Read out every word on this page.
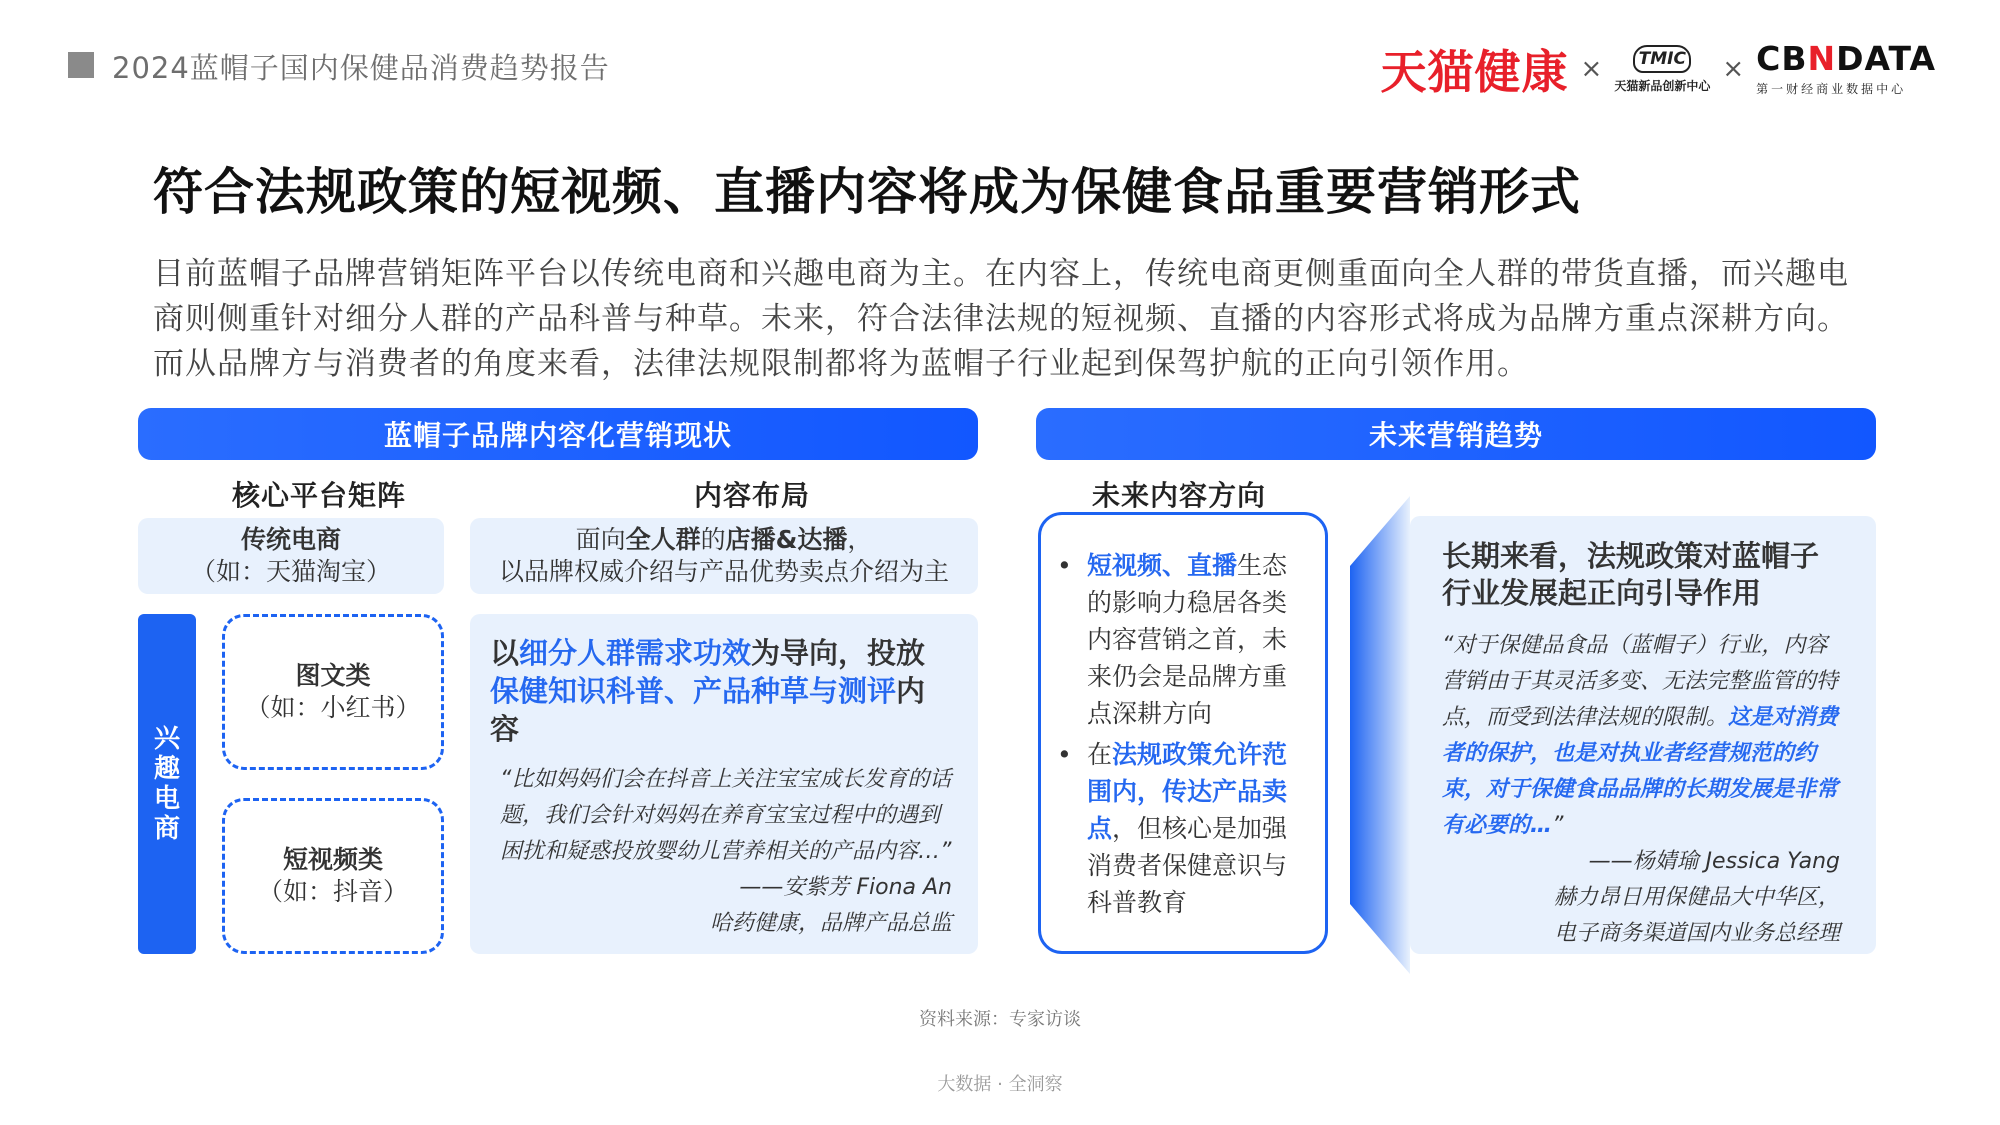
2024蓝帽子国内保健品消费趋势报告	天猫健康 ×	TMIC
天猫新品创新中心
× CBNDATA
第一财经商业数据中心
符合法规政策的短视频、直播内容将成为保健食品重要营销形式
目前蓝帽子品牌营销矩阵平台以传统电商和兴趣电商为主。在内容上，传统电商更侧重面向全人群的带货直播，而兴趣电商则侧重针对细分人群的产品科普与种草。未来，符合法律法规的短视频、直播的内容形式将成为品牌方重点深耕方向。而从品牌方与消费者的角度来看，法律法规限制都将为蓝帽子行业起到保驾护航的正向引领作用。
蓝帽子品牌内容化营销现状
核心平台矩阵	内容布局
传统电商
（如：天猫淘宝）
面向全人群的店播&达播，
以品牌权威介绍与产品优势卖点介绍为主
兴
趣
电
商
图文类
（如：小红书）
短视频类
（如：抖音）
以细分人群需求功效为导向，投放保健知识科普、产品种草与测评内容
“比如妈妈们会在抖音上关注宝宝成长发育的话题，我们会针对妈妈在养育宝宝过程中的遇到困扰和疑惑投放婴幼儿营养相关的产品内容…”
——安紫芳 Fiona An
哈药健康，品牌产品总监
未来营销趋势
未来内容方向
• 短视频、直播生态的影响力稳居各类内容营销之首，未来仍会是品牌方重点深耕方向
• 在法规政策允许范围内，传达产品卖点，但核心是加强消费者保健意识与科普教育
长期来看，法规政策对蓝帽子行业发展起正向引导作用
“对于保健品食品（蓝帽子）行业，内容营销由于其灵活多变、无法完整监管的特点，而受到法律法规的限制。这是对消费者的保护，也是对执业者经营规范的约束，对于保健食品品牌的长期发展是非常有必要的…”
——杨婧瑜 Jessica Yang
赫力昂日用保健品大中华区，
电子商务渠道国内业务总经理
资料来源：专家访谈
大数据 · 全洞察
